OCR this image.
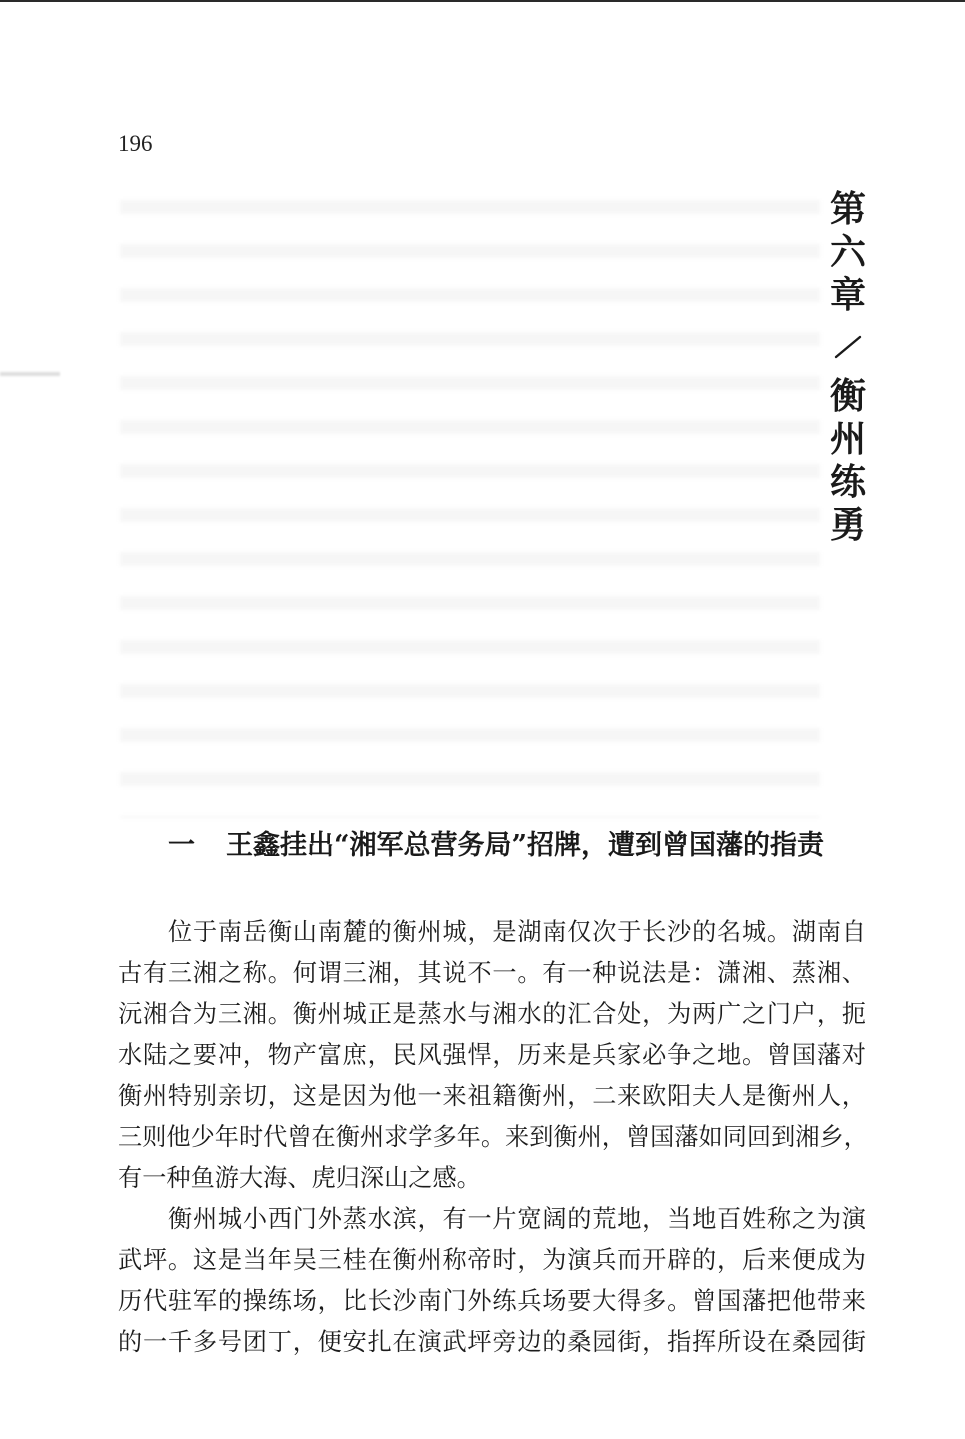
196
第
六
章
衡
州
练
勇
一 王鑫挂出“湘军总营务局”招牌，遭到曾国藩的指责
位于南岳衡山南麓的衡州城，是湖南仅次于长沙的名城。湖南自
古有三湘之称。何谓三湘，其说不一。有一种说法是：潇湘、蒸湘、
沅湘合为三湘。衡州城正是蒸水与湘水的汇合处，为两广之门户，扼
水陆之要冲，物产富庶，民风强悍，历来是兵家必争之地。曾国藩对
衡州特别亲切，这是因为他一来祖籍衡州，二来欧阳夫人是衡州人，
三则他少年时代曾在衡州求学多年。来到衡州，曾国藩如同回到湘乡，
有一种鱼游大海、虎归深山之感。
衡州城小西门外蒸水滨，有一片宽阔的荒地，当地百姓称之为演
武坪。这是当年吴三桂在衡州称帝时，为演兵而开辟的，后来便成为
历代驻军的操练场，比长沙南门外练兵场要大得多。曾国藩把他带来
的一千多号团丁，便安扎在演武坪旁边的桑园街，指挥所设在桑园街
